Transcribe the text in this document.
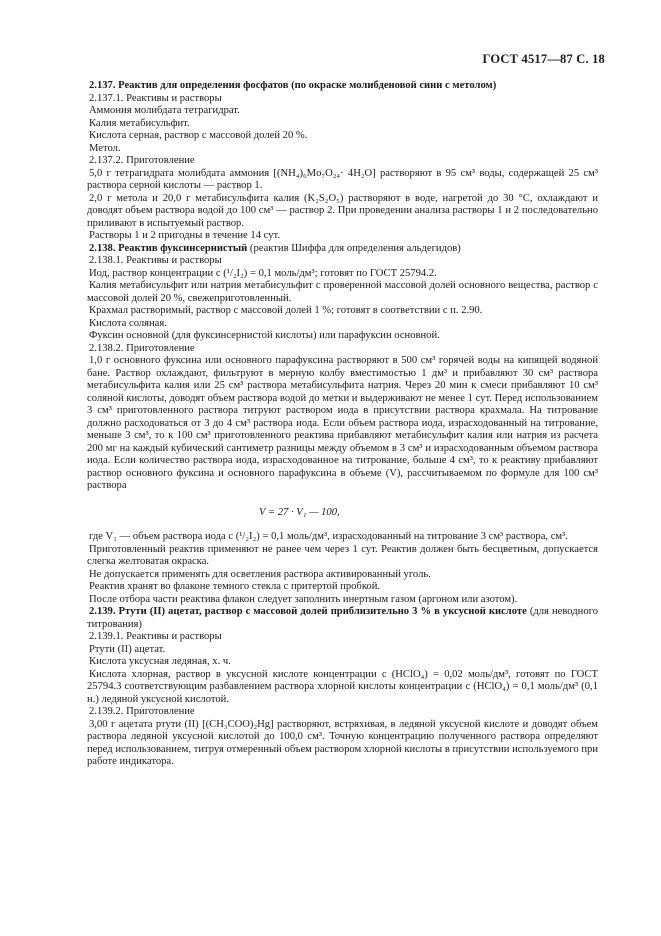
ГОСТ 4517—87 С. 18

2.137. Реактив для определения фосфатов (по окраске молибденовой сини с метолом)

2.137.1. Реактивы и растворы

Аммония молибдата тетрагидрат.

Калия метабисульфит.

Кислота серная, раствор с массовой долей 20 %.

Метол.

2.137.2. Приготовление

5,0 г тетрагидрата молибдата аммония [(NH₄)₆Mo₇O₂₄· 4H₂O] растворяют в 95 см³ воды, содержащей 25 см³ раствора серной кислоты — раствор 1.

2,0 г метола и 20,0 г метабисульфита калия (K₂S₂O₅) растворяют в воде, нагретой до 30 °С, охлаждают и доводят объем раствора водой до 100 см³ — раствор 2. При проведении анализа растворы 1 и 2 последовательно приливают в испытуемый раствор.

Растворы 1 и 2 пригодны в течение 14 сут.

2.138. Реактив фуксинсернистый (реактив Шиффа для определения альдегидов)

2.138.1. Реактивы и растворы

Иод, раствор концентрации c (¹/₂I₂) = 0,1 моль/дм³; готовят по ГОСТ 25794.2.

Калия метабисульфит или натрия метабисульфит с проверенной массовой долей основного вещества, раствор с массовой долей 20 %, свежеприготовленный.

Крахмал растворимый, раствор с массовой долей 1 %; готовят в соответствии с п. 2.90.

Кислота соляная.

Фуксин основной (для фуксинсернистой кислоты) или парафуксин основной.

2.138.2. Приготовление

1,0 г основного фуксина или основного парафуксина растворяют в 500 см³ горячей воды на кипящей водяной бане. Раствор охлаждают, фильтруют в мерную колбу вместимостью 1 дм³ и прибавляют 30 см³ раствора метабисульфита калия или 25 см³ раствора метабисульфита натрия. Через 20 мин к смеси прибавляют 10 см³ соляной кислоты, доводят объем раствора водой до метки и выдерживают не менее 1 сут. Перед использованием 3 см³ приготовленного раствора титруют раствором иода в присутствии раствора крахмала. На титрование должно расходоваться от 3 до 4 см³ раствора иода. Если объем раствора иода, израсходованный на титрование, меньше 3 см³, то к 100 см³ приготовленного реактива прибавляют метабисульфит калия или натрия из расчета 200 мг на каждый кубический сантиметр разницы между объемом в 3 см³ и израсходованным объемом раствора иода. Если количество раствора иода, израсходованное на титрование, больше 4 см³, то к реактиву прибавляют раствор основного фуксина и основного парафуксина в объеме (V), рассчитываемом по формуле для 100 см³ раствора

V = 27 · V₁ — 100,

где V₁ — объем раствора иода c (¹/₂I₂) = 0,1 моль/дм³, израсходованный на титрование 3 см³ раствора, см³.

Приготовленный реактив применяют не ранее чем через 1 сут. Реактив должен быть бесцветным, допускается слегка желтоватая окраска.

Не допускается применять для осветления раствора активированный уголь.

Реактив хранят во флаконе темного стекла с притертой пробкой.

После отбора части реактива флакон следует заполнить инертным газом (аргоном или азотом).

2.139. Ртути (II) ацетат, раствор с массовой долей приблизительно 3 % в уксусной кислоте (для неводного титрования)

2.139.1. Реактивы и растворы

Ртути (II) ацетат.

Кислота уксусная ледяная, х. ч.

Кислота хлорная, раствор в уксусной кислоте концентрации c (HClO₄) = 0,02 моль/дм³, готовят по ГОСТ 25794.3 соответствующим разбавлением раствора хлорной кислоты концентрации c (HClO₄) = 0,1 моль/дм³ (0,1 н.) ледяной уксусной кислотой.

2.139.2. Приготовление

3,00 г ацетата ртути (II) [(CH₃COO)₂Hg] растворяют, встряхивая, в ледяной уксусной кислоте и доводят объем раствора ледяной уксусной кислотой до 100,0 см³. Точную концентрацию полученного раствора определяют перед использованием, титруя отмеренный объем раствором хлорной кислоты в присутствии используемого при работе индикатора.
